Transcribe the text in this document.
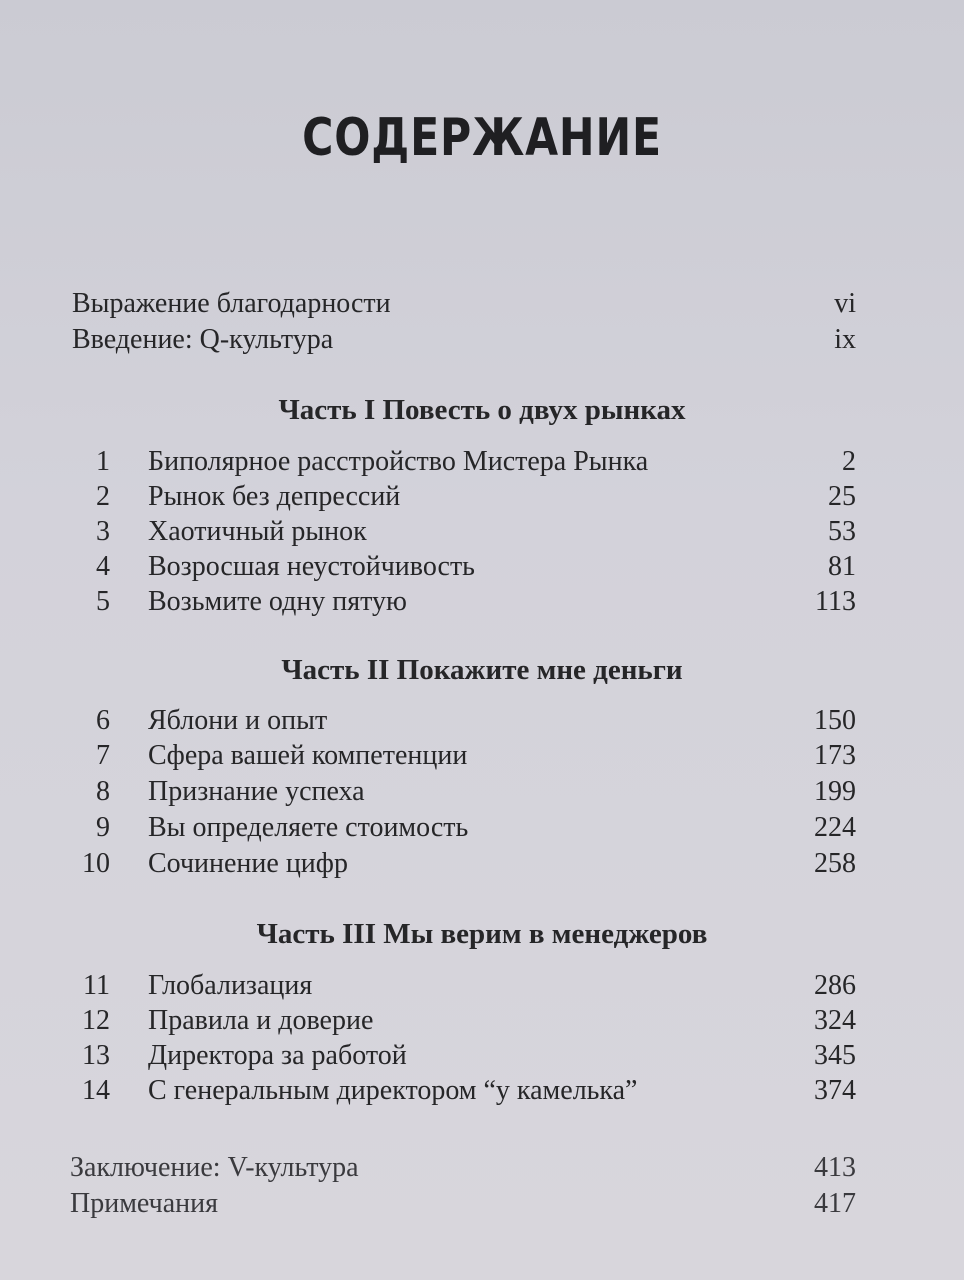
СОДЕРЖАНИЕ
Выражение благодарности	vi
Введение: Q-культура	ix
Часть I Повесть о двух рынках
1 Биполярное расстройство Мистера Рынка	2
2 Рынок без депрессий	25
3 Хаотичный рынок	53
4 Возросшая неустойчивость	81
5 Возьмите одну пятую	113
Часть II Покажите мне деньги
6 Яблони и опыт	150
7 Сфера вашей компетенции	173
8 Признание успеха	199
9 Вы определяете стоимость	224
10 Сочинение цифр	258
Часть III Мы верим в менеджеров
11 Глобализация	286
12 Правила и доверие	324
13 Директора за работой	345
14 С генеральным директором “у камелька”	374
Заключение: V-культура	413
Примечания	417
